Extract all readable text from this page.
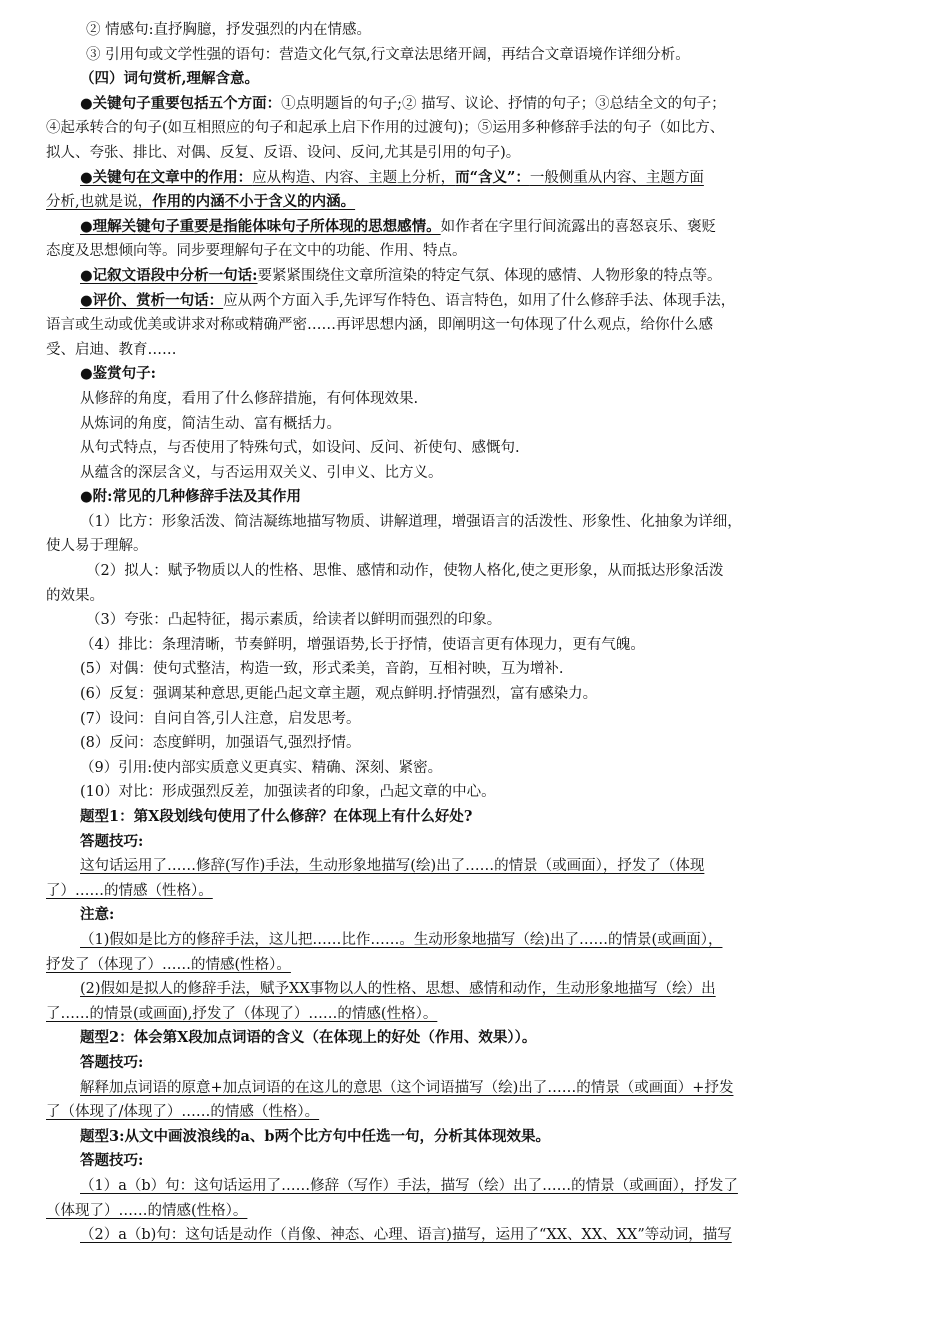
② 情感句:直抒胸臆，抒发强烈的内在情感。
③ 引用句或文学性强的语句：营造文化气氛,行文章法思绪开阔，再结合文章语境作详细分析。
（四）词句赏析,理解含意。
●关键句子重要包括五个方面：①点明题旨的句子;② 描写、议论、抒情的句子；③总结全文的句子；
④起承转合的句子(如互相照应的句子和起承上启下作用的过渡句)；⑤运用多种修辞手法的句子（如比方、
拟人、夸张、排比、对偶、反复、反语、设问、反问,尤其是引用的句子)。
●关键句在文章中的作用：应从构造、内容、主题上分析，而“含义”：一般侧重从内容、主题方面
分析,也就是说，作用的内涵不小于含义的内涵。
●理解关键句子重要是指能体味句子所体现的思想感情。如作者在字里行间流露出的喜怒哀乐、褒贬
态度及思想倾向等。同步要理解句子在文中的功能、作用、特点。
●记叙文语段中分析一句话:要紧紧围绕住文章所渲染的特定气氛、体现的感情、人物形象的特点等。
●评价、赏析一句话：应从两个方面入手,先评写作特色、语言特色，如用了什么修辞手法、体现手法，
语言或生动或优美或讲求对称或精确严密……再评思想内涵，即阐明这一句体现了什么观点，给你什么感
受、启迪、教育……
●鉴赏句子:
从修辞的角度，看用了什么修辞措施，有何体现效果.
从炼词的角度，简洁生动、富有概括力。
从句式特点，与否使用了特殊句式，如设问、反问、祈使句、感慨句.
从蕴含的深层含义，与否运用双关义、引申义、比方义。
●附:常见的几种修辞手法及其作用
（1）比方：形象活泼、简洁凝练地描写物质、讲解道理，增强语言的活泼性、形象性、化抽象为详细，
使人易于理解。
（2）拟人：赋予物质以人的性格、思惟、感情和动作，使物人格化,使之更形象，从而抵达形象活泼
的效果。
（3）夸张：凸起特征，揭示素质，给读者以鲜明而强烈的印象。
（4）排比：条理清晰，节奏鲜明，增强语势,长于抒情，使语言更有体现力，更有气魄。
(5）对偶：使句式整洁，构造一致，形式柔美，音韵，互相衬映，互为增补.
(6）反复：强调某种意思,更能凸起文章主题，观点鲜明.抒情强烈，富有感染力。
(7）设问：自问自答,引人注意，启发思考。
(8）反问：态度鲜明，加强语气,强烈抒情。
（9）引用:使内部实质意义更真实、精确、深刻、紧密。
(10）对比：形成强烈反差，加强读者的印象，凸起文章的中心。
题型1：第X段划线句使用了什么修辞？在体现上有什么好处?
答题技巧:
这句话运用了……修辞(写作)手法，生动形象地描写(绘)出了……的情景（或画面），抒发了（体现
了）……的情感（性格）。
注意:
（1)假如是比方的修辞手法，这儿把……比作……。生动形象地描写（绘)出了……的情景(或画面），
抒发了（体现了）……的情感(性格）。
(2)假如是拟人的修辞手法，赋予XX事物以人的性格、思想、感情和动作，生动形象地描写（绘）出
了……的情景(或画面),抒发了（体现了）……的情感(性格）。
题型2：体会第X段加点词语的含义（在体现上的好处（作用、效果））。
答题技巧:
解释加点词语的原意+加点词语的在这儿的意思（这个词语描写（绘)出了……的情景（或画面）+抒发
了（体现了/体现了）……的情感（性格）。
题型3:从文中画波浪线的a、b两个比方句中任选一句，分析其体现效果。
答题技巧:
（1）a（b）句：这句话运用了……修辞（写作）手法，描写（绘）出了……的情景（或画面），抒发了
（体现了）……的情感(性格）。
（2）a（b)句：这句话是动作（肖像、神态、心理、语言)描写，运用了“XX、XX、XX”等动词，描写
